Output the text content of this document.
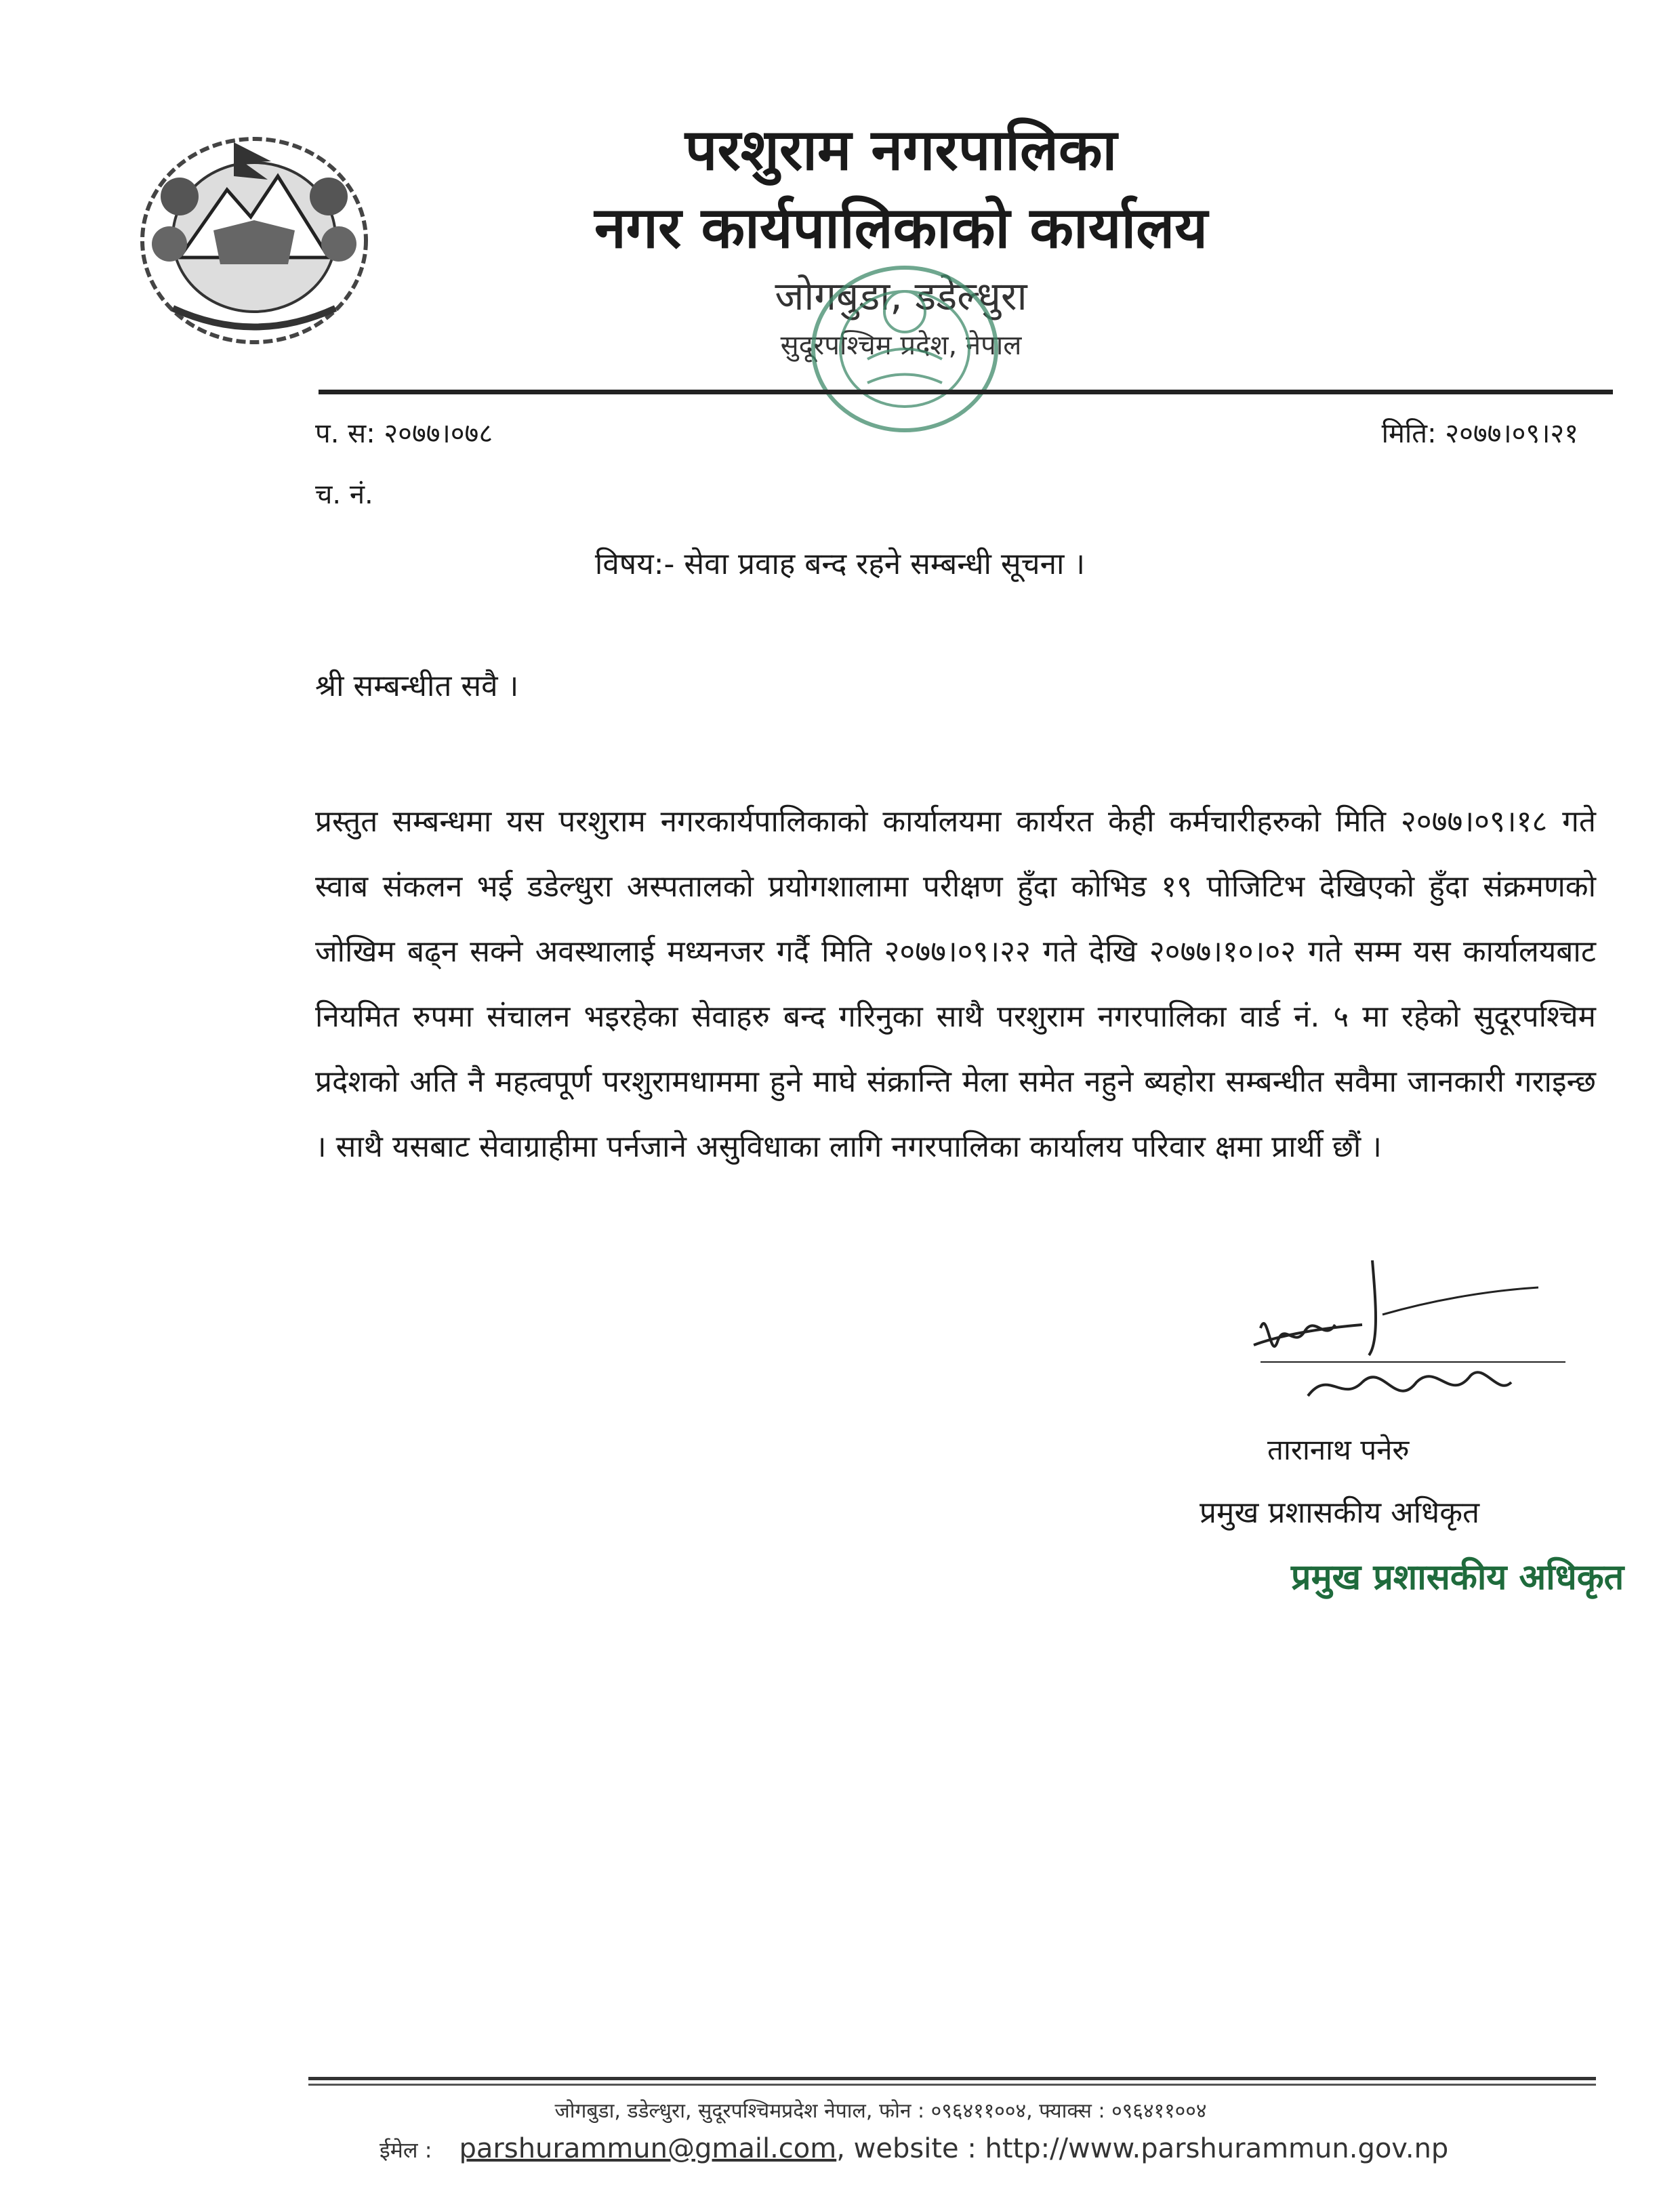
परशुराम नगरपालिका
नगर कार्यपालिकाको कार्यालय
जोगबुडा, डडेल्धुरा
सुदूरपश्चिम प्रदेश, नेपाल
प. स: २०७७।०७८	मिति: २०७७।०९।२१
च. नं.
विषय:- सेवा प्रवाह बन्द रहने सम्बन्धी सूचना ।
श्री सम्बन्धीत सवै ।
प्रस्तुत सम्बन्धमा यस परशुराम नगरकार्यपालिकाको कार्यालयमा कार्यरत केही कर्मचारीहरुको मिति २०७७।०९।१८ गते स्वाब संकलन भई डडेल्धुरा अस्पतालको प्रयोगशालामा परीक्षण हुँदा कोभिड १९ पोजिटिभ देखिएको हुँदा संक्रमणको जोखिम बढ्न सक्ने अवस्थालाई मध्यनजर गर्दै मिति २०७७।०९।२२ गते देखि २०७७।१०।०२ गते सम्म यस कार्यालयबाट नियमित रुपमा संचालन भइरहेका सेवाहरु बन्द गरिनुका साथै परशुराम नगरपालिका वार्ड नं. ५ मा रहेको सुदूरपश्चिम प्रदेशको अति नै महत्वपूर्ण परशुरामधाममा हुने माघे संक्रान्ति मेला समेत नहुने ब्यहोरा सम्बन्धीत सवैमा जानकारी गराइन्छ । साथै यसबाट सेवाग्राहीमा पर्नजाने असुविधाका लागि नगरपालिका कार्यालय परिवार क्षमा प्रार्थी छौं ।
तारानाथ पनेरु
प्रमुख प्रशासकीय अधिकृत
प्रमुख प्रशासकीय अधिकृत
जोगबुडा, डडेल्धुरा, सुदूरपश्चिमप्रदेश नेपाल, फोन : ०९६४११००४, फ्याक्स : ०९६४११००४
ईमेल : parshurammun@gmail.com, website : http://www.parshurammun.gov.np
